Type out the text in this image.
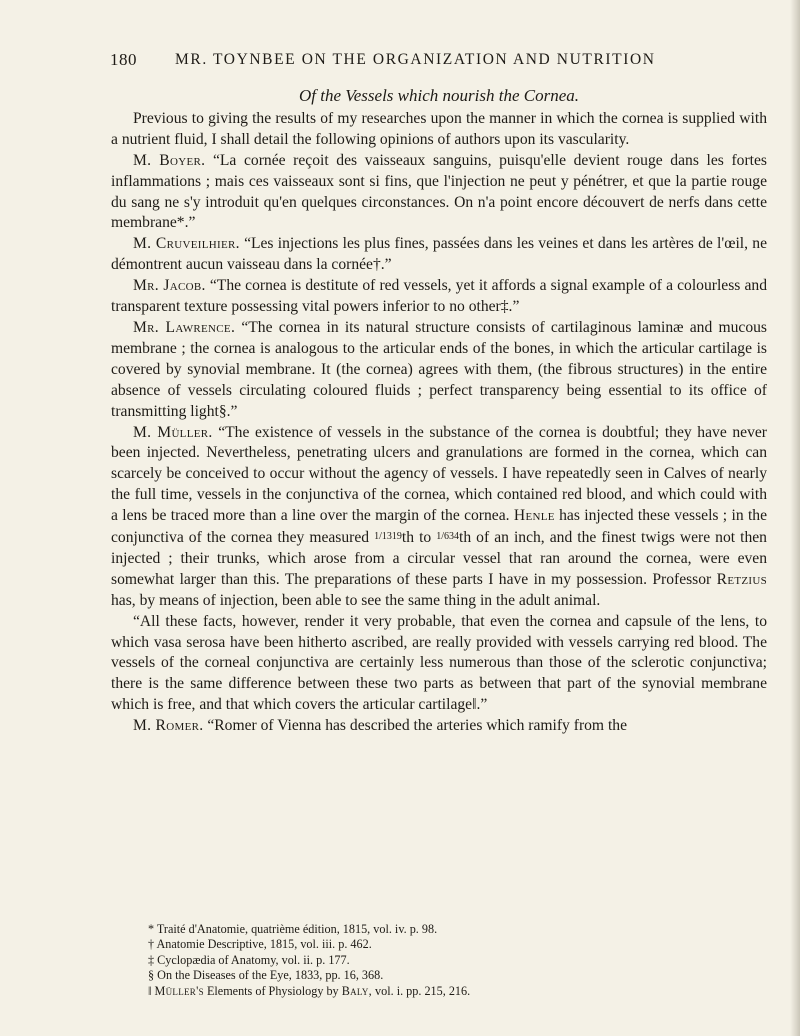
180 MR. TOYNBEE ON THE ORGANIZATION AND NUTRITION
Of the Vessels which nourish the Cornea.

Previous to giving the results of my researches upon the manner in which the cornea is supplied with a nutrient fluid, I shall detail the following opinions of authors upon its vascularity.

M. Boyer. “La cornée reçoit des vaisseaux sanguins, puisqu'elle devient rouge dans les fortes inflammations ; mais ces vaisseaux sont si fins, que l'injection ne peut y pénétrer, et que la partie rouge du sang ne s'y introduit qu'en quelques circonstances. On n'a point encore découvert de nerfs dans cette membrane*.”

M. Cruveilhier. “Les injections les plus fines, passées dans les veines et dans les artères de l'œil, ne démontrent aucun vaisseau dans la cornée†.”

Mr. Jacob. “The cornea is destitute of red vessels, yet it affords a signal example of a colourless and transparent texture possessing vital powers inferior to no other‡.”

Mr. Lawrence. “The cornea in its natural structure consists of cartilaginous laminæ and mucous membrane ; the cornea is analogous to the articular ends of the bones, in which the articular cartilage is covered by synovial membrane. It (the cornea) agrees with them, (the fibrous structures) in the entire absence of vessels circulating coloured fluids ; perfect transparency being essential to its office of transmitting light§.”

M. Müller. “The existence of vessels in the substance of the cornea is doubtful; they have never been injected. Nevertheless, penetrating ulcers and granulations are formed in the cornea, which can scarcely be conceived to occur without the agency of vessels. I have repeatedly seen in Calves of nearly the full time, vessels in the conjunctiva of the cornea, which contained red blood, and which could with a lens be traced more than a line over the margin of the cornea. Henle has injected these vessels ; in the conjunctiva of the cornea they measured 1/1319th to 1/634th of an inch, and the finest twigs were not then injected ; their trunks, which arose from a circular vessel that ran around the cornea, were even somewhat larger than this. The preparations of these parts I have in my possession. Professor Retzius has, by means of injection, been able to see the same thing in the adult animal.

“All these facts, however, render it very probable, that even the cornea and capsule of the lens, to which vasa serosa have been hitherto ascribed, are really provided with vessels carrying red blood. The vessels of the corneal conjunctiva are certainly less numerous than those of the sclerotic conjunctiva; there is the same difference between these two parts as between that part of the synovial membrane which is free, and that which covers the articular cartilage‖.”

M. Romer. “Romer of Vienna has described the arteries which ramify from the

* Traité d'Anatomie, quatrième édition, 1815, vol. iv. p. 98.
† Anatomie Descriptive, 1815, vol. iii. p. 462.
‡ Cyclopædia of Anatomy, vol. ii. p. 177.
§ On the Diseases of the Eye, 1833, pp. 16, 368.
‖ Müller's Elements of Physiology by Baly, vol. i. pp. 215, 216.
